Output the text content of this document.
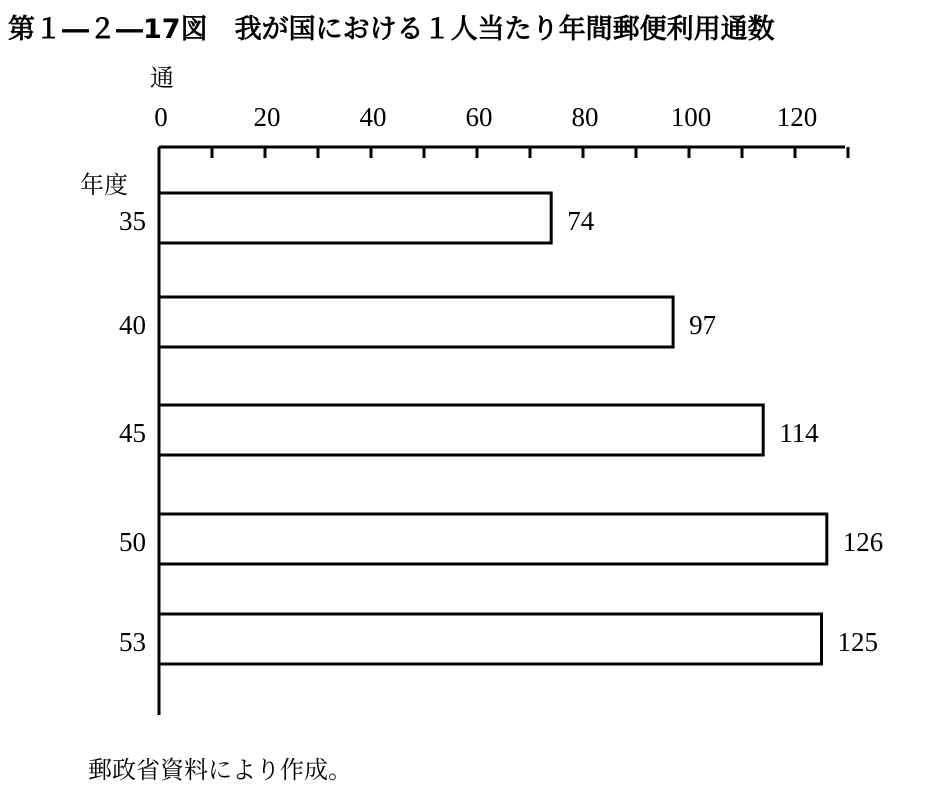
第１―２―17図　我が国における１人当たり年間郵便利用通数
通
年度
0	20	40	60	80	100 120
35	74
40	97
45	114
50	126
53	125
郵政省資料により作成。
